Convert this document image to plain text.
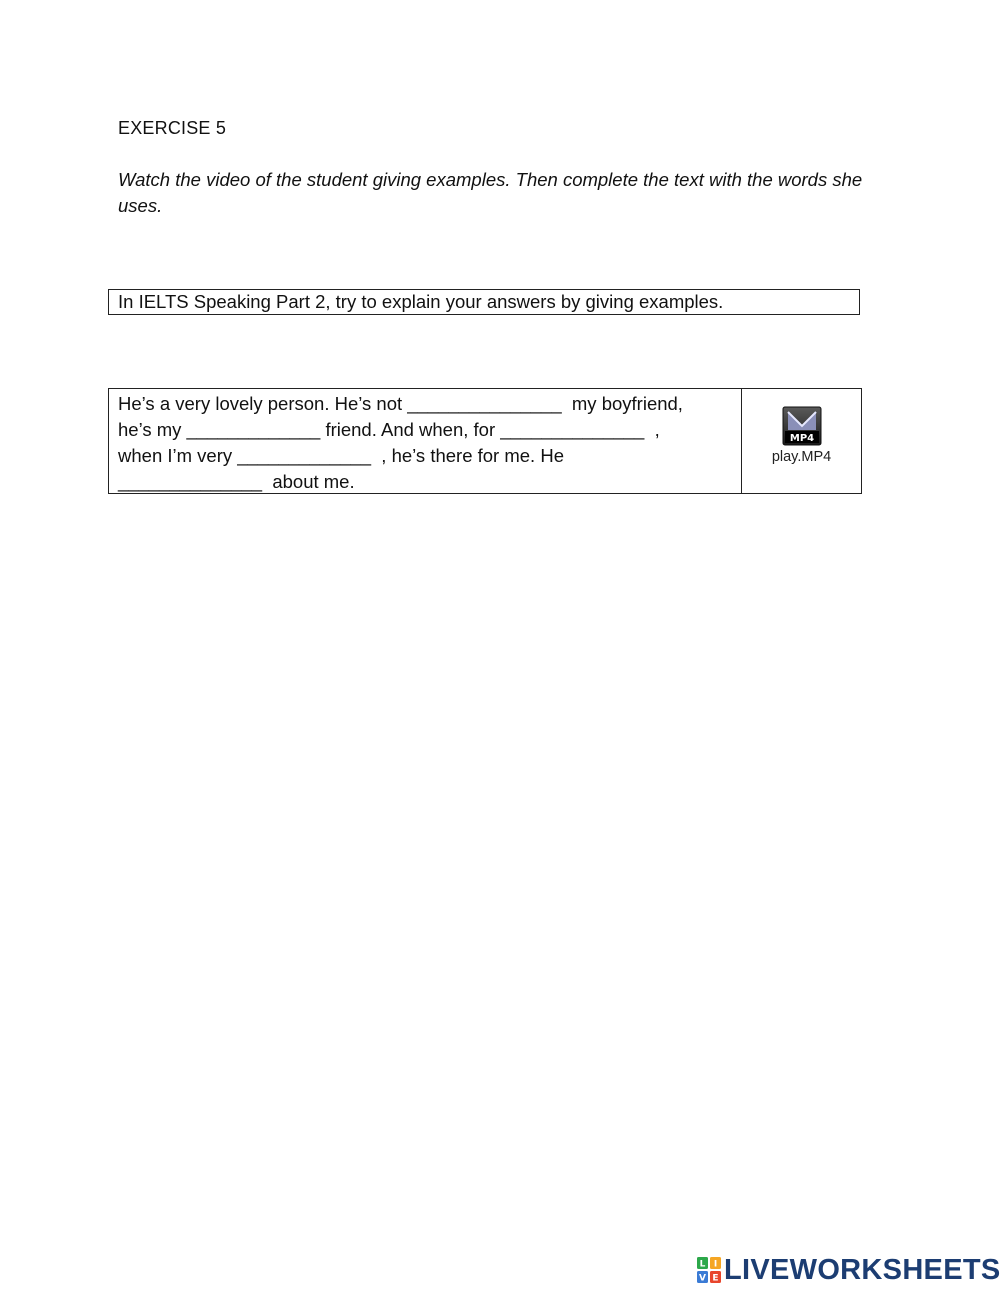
EXERCISE 5
Watch the video of the student giving examples. Then complete the text with the words she uses.
In IELTS Speaking Part 2, try to explain your answers by giving examples.
He’s a very lovely person. He’s not _______________  my boyfriend,
he’s my _____________ friend. And when, for ______________  ,
when I’m very _____________  , he’s there for me. He
______________  about me.
MP4
play.MP4
L I
V E LIVEWORKSHEETS
